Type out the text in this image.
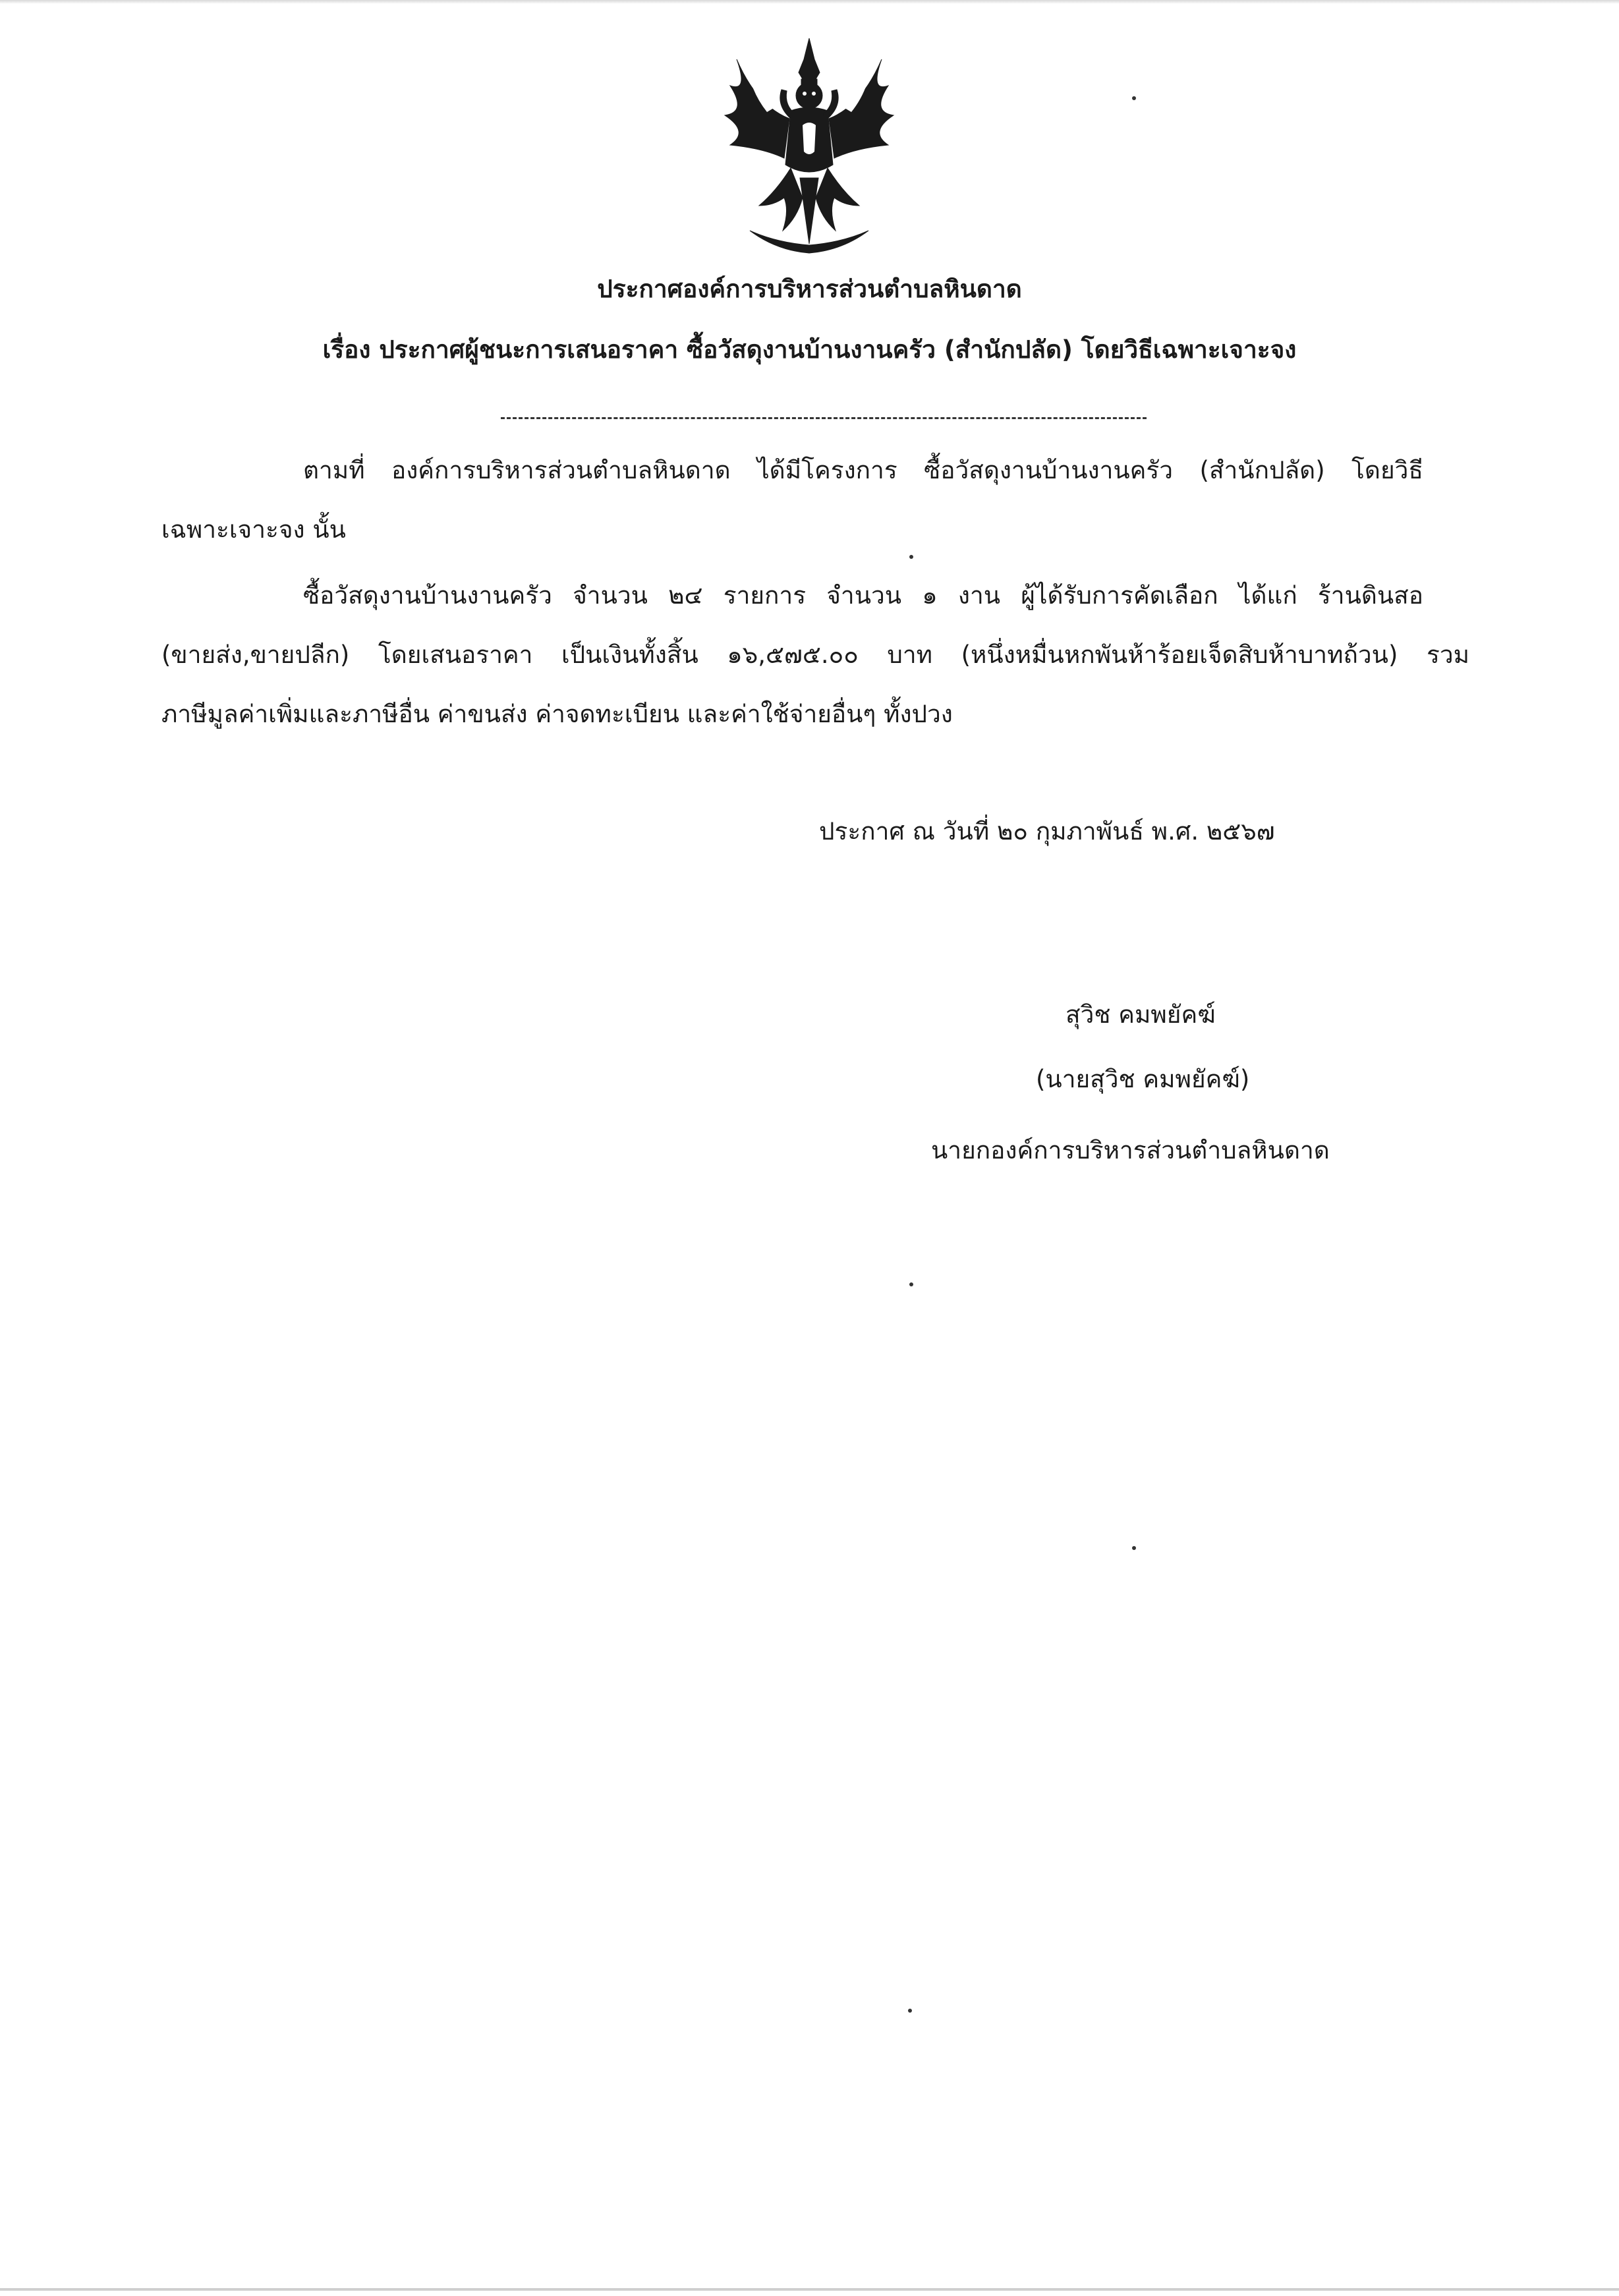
ประกาศองค์การบริหารส่วนตำบลหินดาด
เรื่อง ประกาศผู้ชนะการเสนอราคา ซื้อวัสดุงานบ้านงานครัว (สำนักปลัด) โดยวิธีเฉพาะเจาะจง
ตามที่ องค์การบริหารส่วนตำบลหินดาด ได้มีโครงการ ซื้อวัสดุงานบ้านงานครัว (สำนักปลัด) โดยวิธี
เฉพาะเจาะจง นั้น
ซื้อวัสดุงานบ้านงานครัว จำนวน ๒๔ รายการ จำนวน ๑ งาน ผู้ได้รับการคัดเลือก ได้แก่ ร้านดินสอ
(ขายส่ง,ขายปลีก) โดยเสนอราคา เป็นเงินทั้งสิ้น ๑๖,๕๗๕.๐๐ บาท (หนึ่งหมื่นหกพันห้าร้อยเจ็ดสิบห้าบาทถ้วน) รวม
ภาษีมูลค่าเพิ่มและภาษีอื่น ค่าขนส่ง ค่าจดทะเบียน และค่าใช้จ่ายอื่นๆ ทั้งปวง
ประกาศ ณ วันที่ ๒๐ กุมภาพันธ์ พ.ศ. ๒๕๖๗
สุวิช คมพยัคฆ์
(นายสุวิช คมพยัคฆ์)
นายกองค์การบริหารส่วนตำบลหินดาด
